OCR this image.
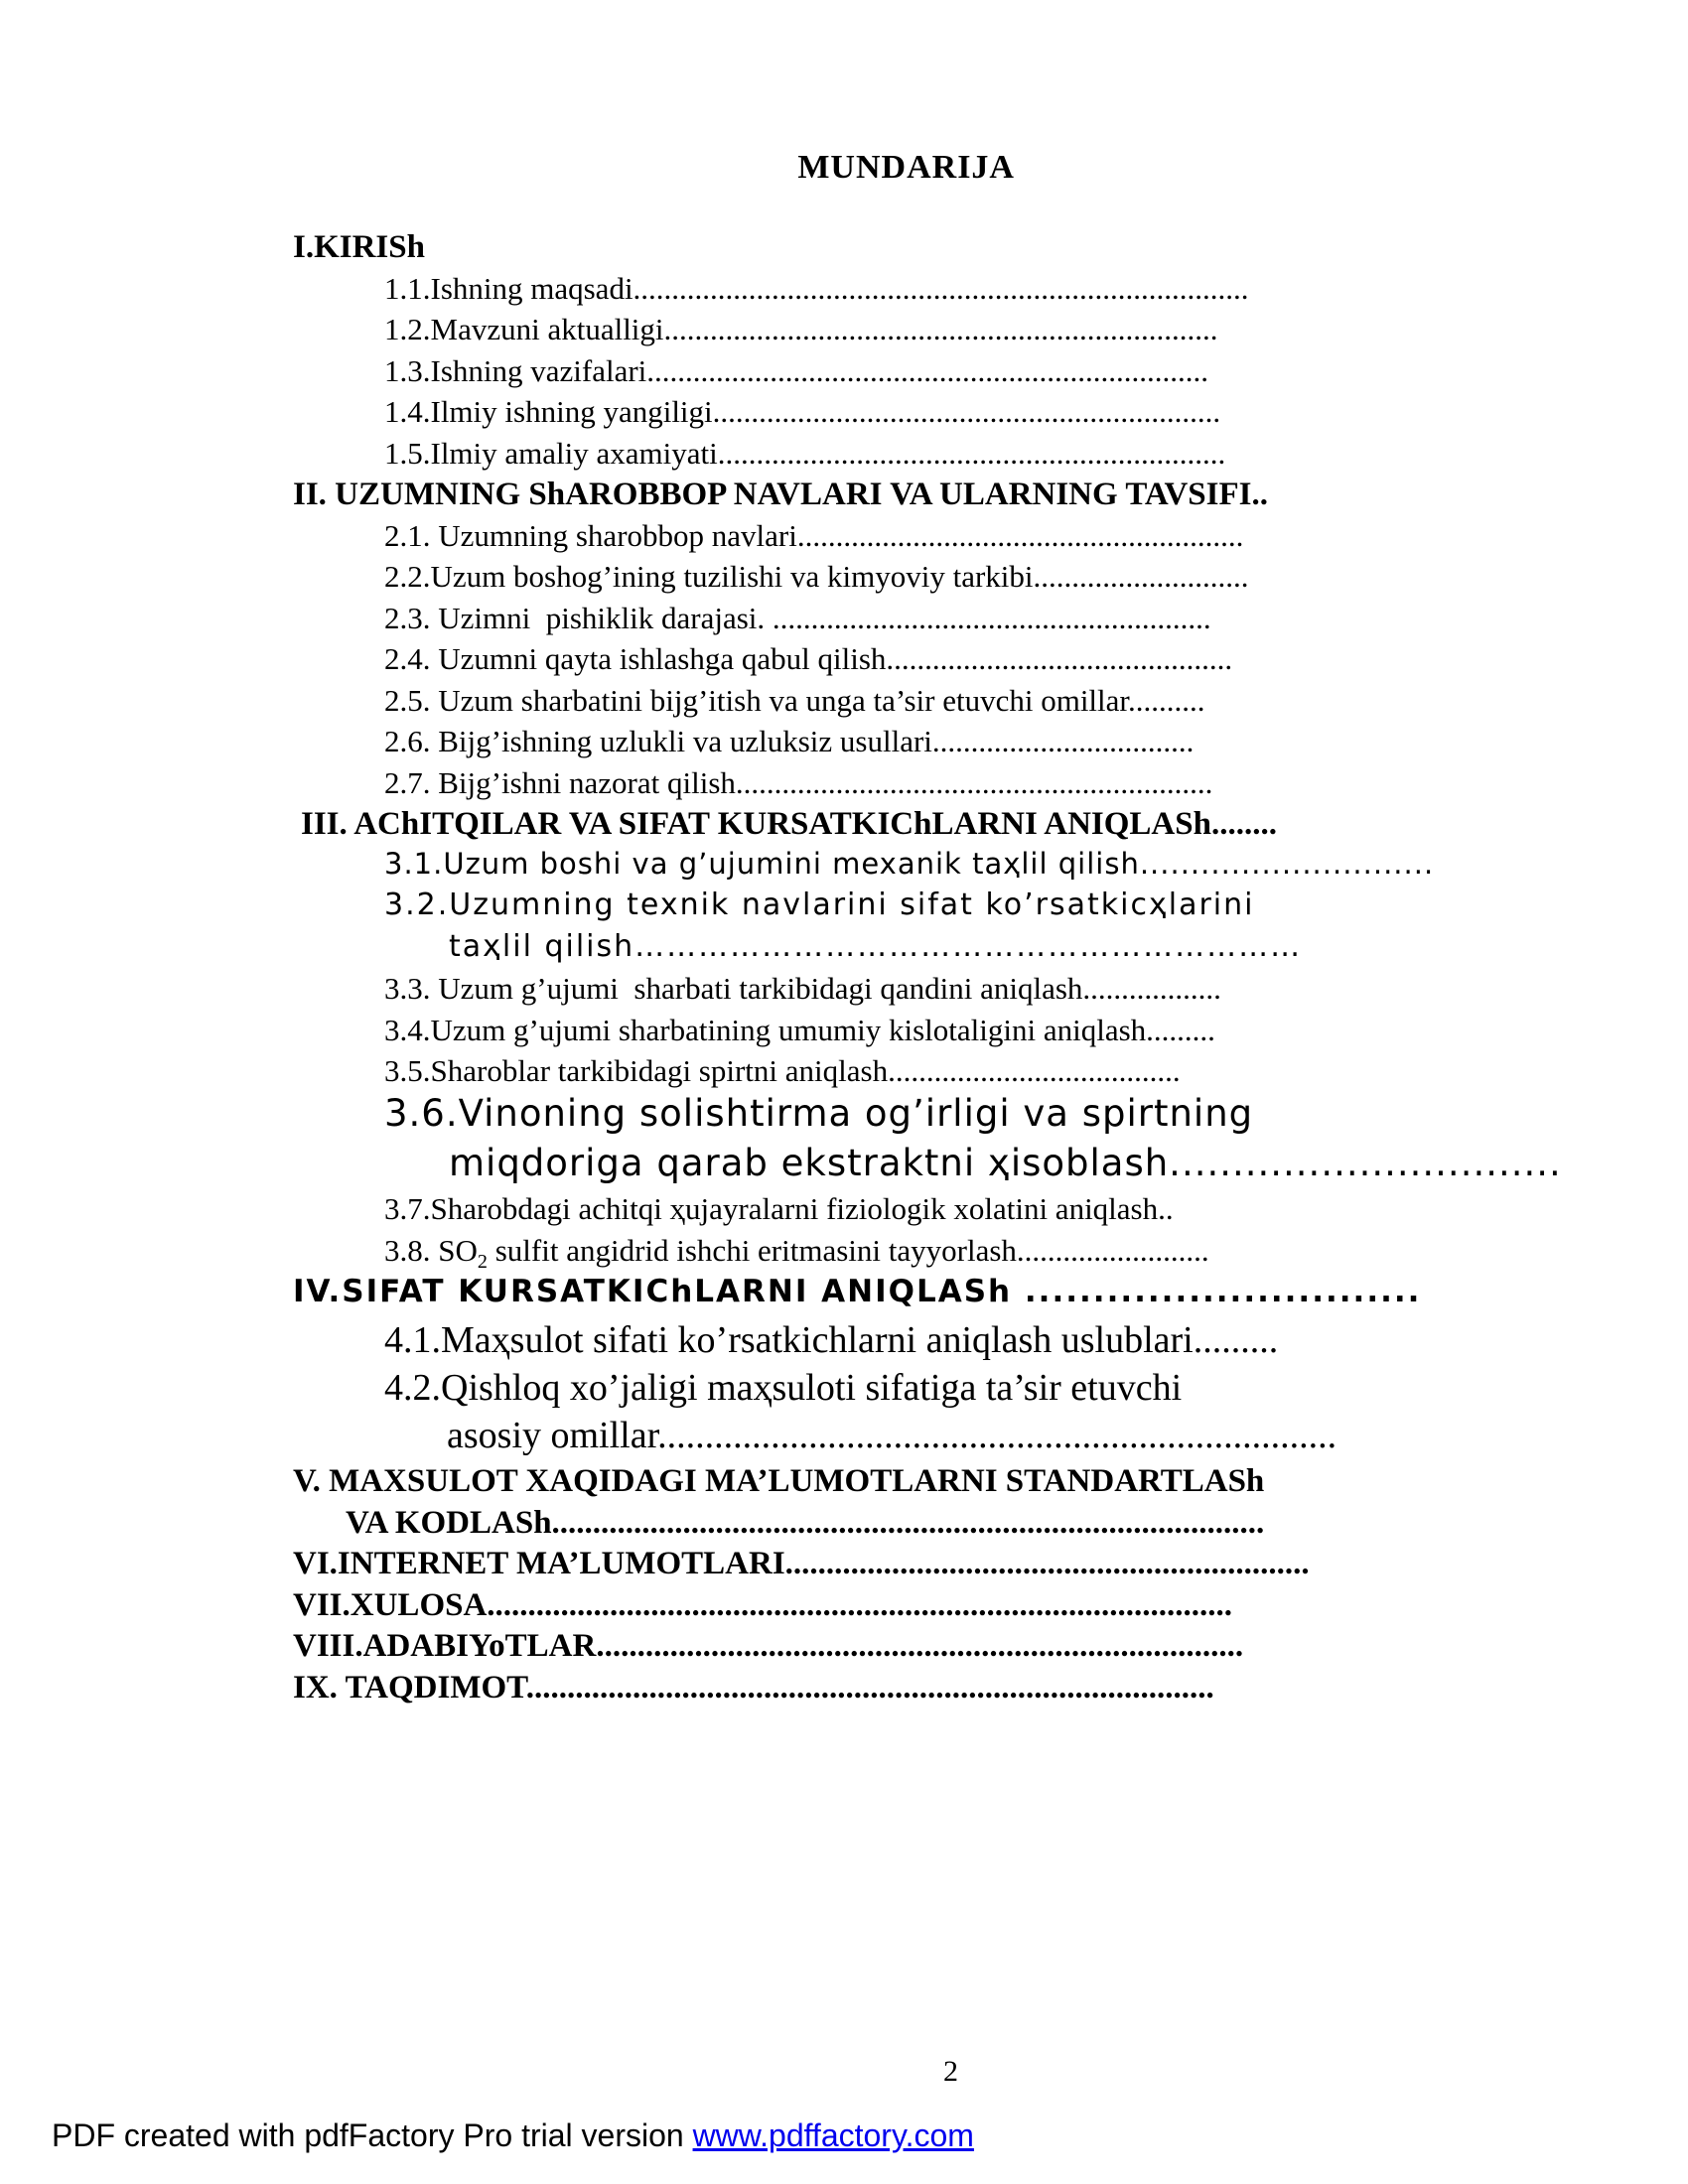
MUNDARIJA
I.KIRISh
1.1.Ishning maqsadi................................................................................
1.2.Mavzuni aktualligi........................................................................
1.3.Ishning vazifalari.........................................................................
1.4.Ilmiy ishning yangiligi..................................................................
1.5.Ilmiy amaliy axamiyati..................................................................
II. UZUMNING ShAROBBOP NAVLARI VA ULARNING TAVSIFI..
2.1. Uzumning sharobbop navlari..........................................................
2.2.Uzum boshog’ining tuzilishi va kimyoviy tarkibi............................
2.3. Uzimni  pishiklik darajasi. .........................................................
2.4. Uzumni qayta ishlashga qabul qilish.............................................
2.5. Uzum sharbatini bijg’itish va unga ta’sir etuvchi omillar..........
2.6. Bijg’ishning uzlukli va uzluksiz usullari..................................
2.7. Bijg’ishni nazorat qilish..............................................................
III. AChITQILAR VA SIFAT KURSATKIChLARNI ANIQLASh........
3.1.Uzum boshi va g’ujumini mexanik taҳlil qilish.............................
3.2.Uzumning texnik navlarini sifat ko’rsatkicҳlarini
taҳlil qilish………………………………………………………
3.3. Uzum g’ujumi  sharbati tarkibidagi qandini aniqlash..................
3.4.Uzum g’ujumi sharbatining umumiy kislotaligini aniqlash.........
3.5.Sharoblar tarkibidagi spirtni aniqlash......................................
3.6.Vinoning solishtirma og’irligi va spirtning
miqdoriga qarab ekstraktni ҳisoblash...............................
3.7.Sharobdagi achitqi ҳujayralarni fiziologik xolatini aniqlash..
3.8. $SO_2$ sulfit angidrid ishchi eritmasini tayyorlash.........................
IV.SIFAT KURSATKIChLARNI ANIQLASh .............................
4.1.Maҳsulot sifati ko’rsatkichlarni aniqlash uslublari.........
4.2.Qishloq xo’jaligi maҳsuloti sifatiga ta’sir etuvchi
asosiy omillar........................................................................
V. MAXSULOT XAQIDAGI MA’LUMOTLARNI STANDARTLASh
VA KODLASh.......................................................................................
VI.INTERNET MA’LUMOTLARI................................................................
VII.XULOSA...........................................................................................
VIII.ADABIYoTLAR...............................................................................
IX. TAQDIMOT....................................................................................
2
PDF created with pdfFactory Pro trial version www.pdffactory.com
